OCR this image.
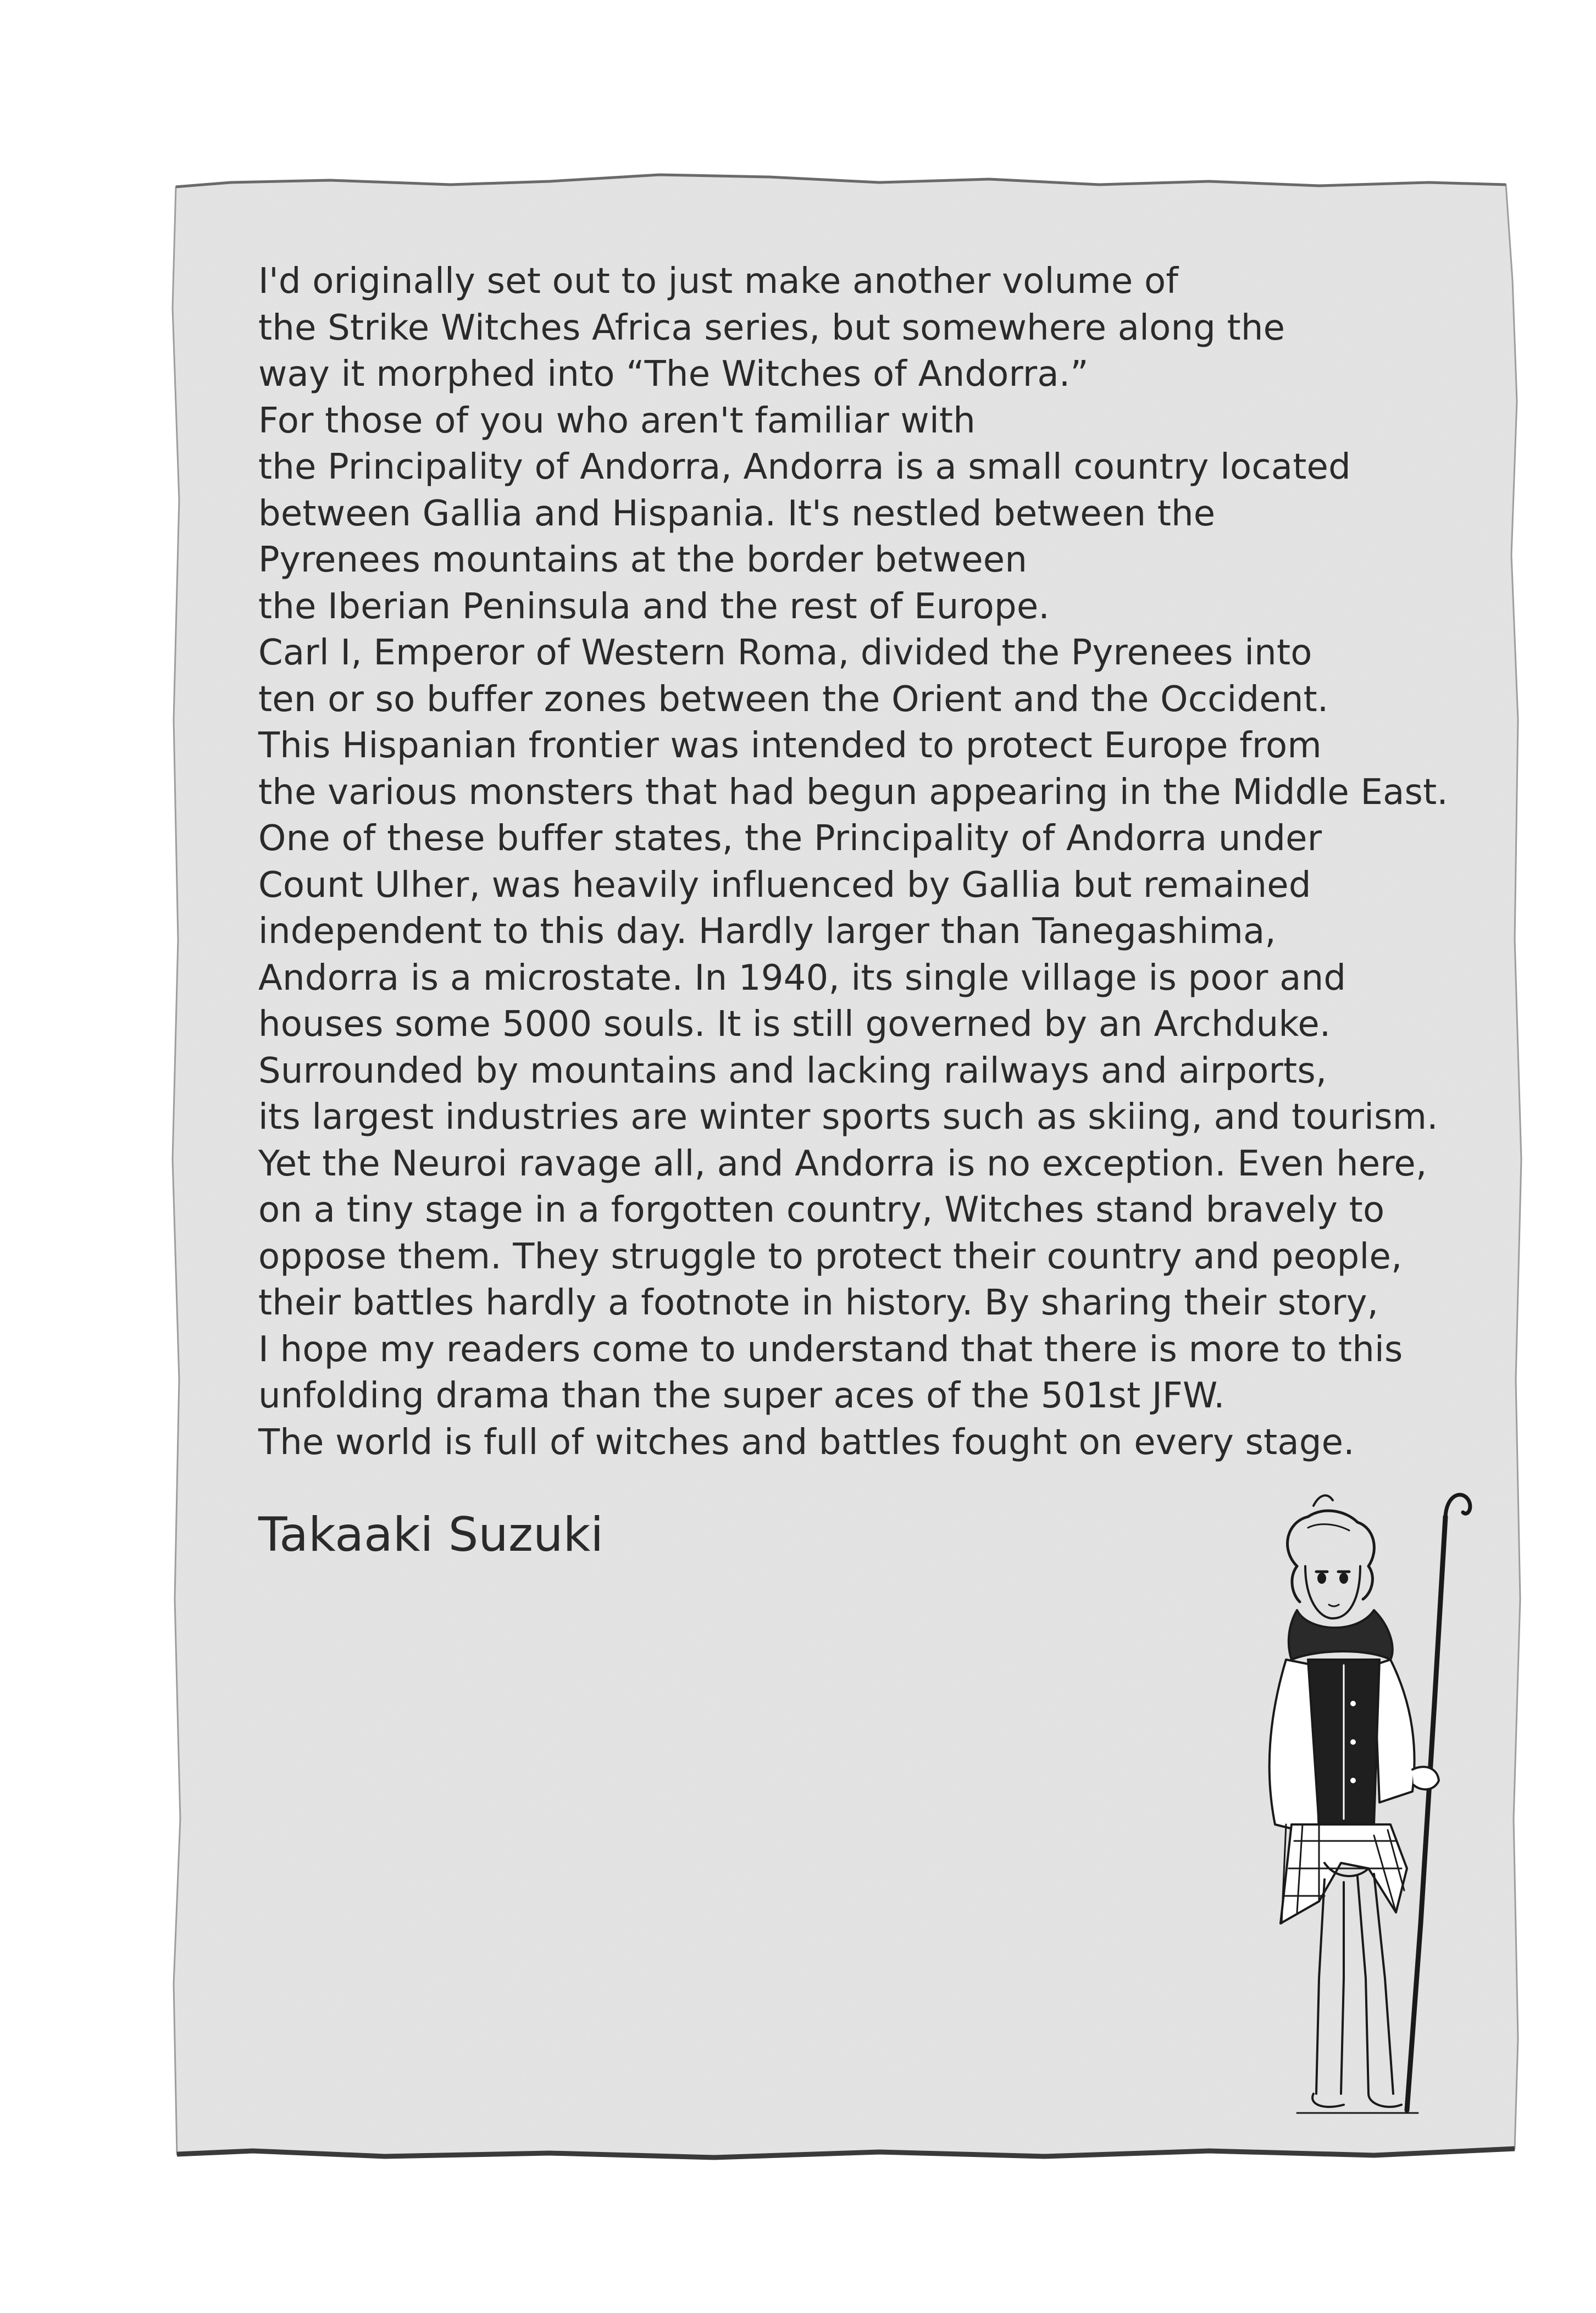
I'd originally set out to just make another volume of
the Strike Witches Africa series, but somewhere along the
way it morphed into “The Witches of Andorra.”
For those of you who aren't familiar with
the Principality of Andorra, Andorra is a small country located
between Gallia and Hispania. It's nestled between the
Pyrenees mountains at the border between
the Iberian Peninsula and the rest of Europe.
Carl I, Emperor of Western Roma, divided the Pyrenees into
ten or so buffer zones between the Orient and the Occident.
This Hispanian frontier was intended to protect Europe from
the various monsters that had begun appearing in the Middle East.
One of these buffer states, the Principality of Andorra under
Count Ulher, was heavily influenced by Gallia but remained
independent to this day. Hardly larger than Tanegashima,
Andorra is a microstate. In 1940, its single village is poor and
houses some 5000 souls. It is still governed by an Archduke.
Surrounded by mountains and lacking railways and airports,
its largest industries are winter sports such as skiing, and tourism.
Yet the Neuroi ravage all, and Andorra is no exception. Even here,
on a tiny stage in a forgotten country, Witches stand bravely to
oppose them. They struggle to protect their country and people,
their battles hardly a footnote in history. By sharing their story,
I hope my readers come to understand that there is more to this
unfolding drama than the super aces of the 501st JFW.
The world is full of witches and battles fought on every stage.
Takaaki Suzuki
